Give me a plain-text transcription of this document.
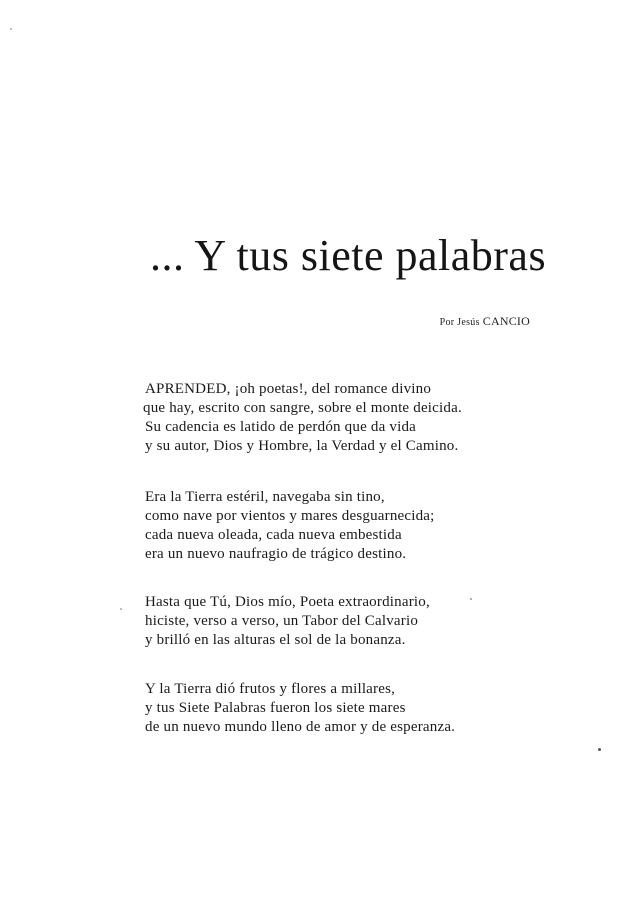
... Y tus siete palabras
Por Jesús CANCIO
APRENDED, ¡oh poetas!, del romance divino
que hay, escrito con sangre, sobre el monte deicida.
Su cadencia es latido de perdón que da vida
y su autor, Dios y Hombre, la Verdad y el Camino.
Era la Tierra estéril, navegaba sin tino,
como nave por vientos y mares desguarnecida;
cada nueva oleada, cada nueva embestida
era un nuevo naufragio de trágico destino.
Hasta que Tú, Dios mío, Poeta extraordinario,
hiciste, verso a verso, un Tabor del Calvario
y brilló en las alturas el sol de la bonanza.
Y la Tierra dió frutos y flores a millares,
y tus Siete Palabras fueron los siete mares
de un nuevo mundo lleno de amor y de esperanza.
